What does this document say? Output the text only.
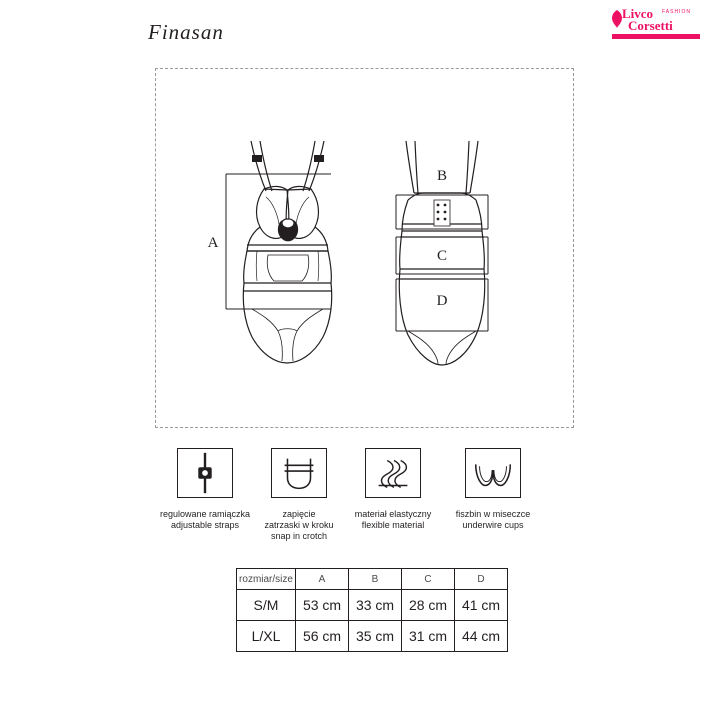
Finasan
Livco	FASHION
Corsetti
A
B
C
D
regulowane ramiączka
adjustable straps
zapięcie
zatrzaski w kroku
snap in crotch
materiał elastyczny
flexible material
fiszbin w miseczce
underwire cups
rozmiar/size	A	B	C	D
S/M	53 cm	33 cm	28 cm	41 cm
L/XL	56 cm	35 cm	31 cm	44 cm
